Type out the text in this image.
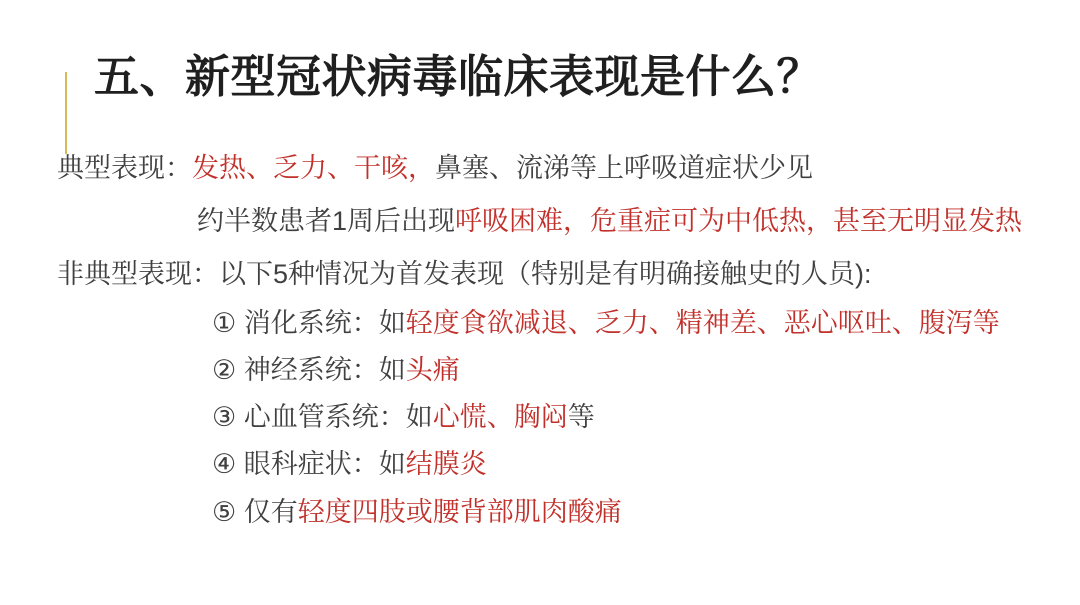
五、新型冠状病毒临床表现是什么？

典型表现：发热、乏力、干咳，鼻塞、流涕等上呼吸道症状少见

约半数患者1周后出现呼吸困难，危重症可为中低热，甚至无明显发热

非典型表现：以下5种情况为首发表现（特别是有明确接触史的人员):

① 消化系统：如轻度食欲减退、乏力、精神差、恶心呕吐、腹泻等

② 神经系统：如头痛

③ 心血管系统：如心慌、胸闷等

④ 眼科症状：如结膜炎

⑤ 仅有轻度四肢或腰背部肌肉酸痛
